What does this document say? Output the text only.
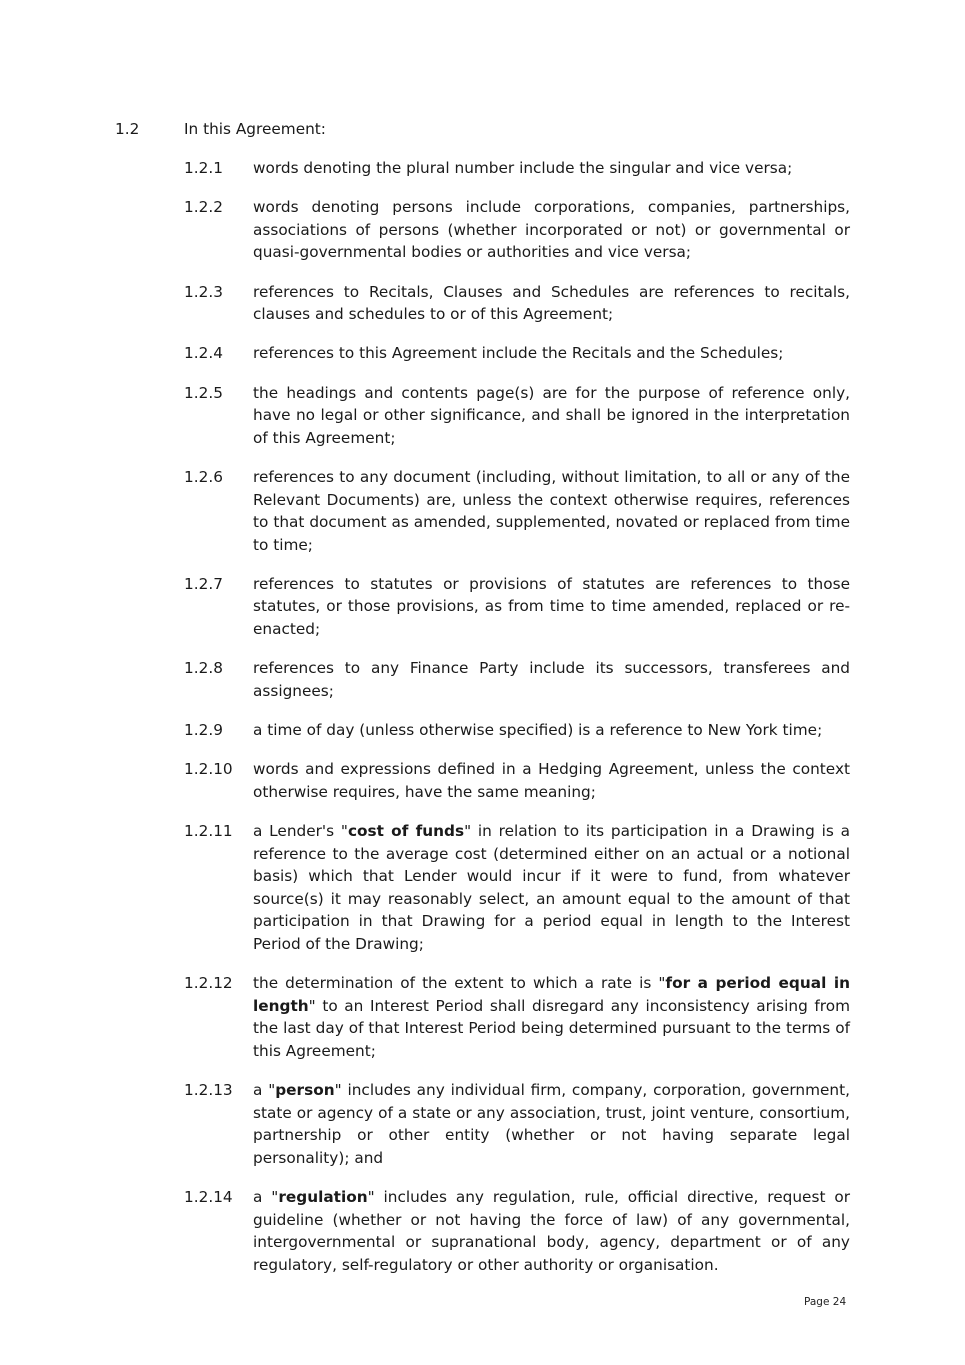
1.2	In this Agreement:
1.2.1	words denoting the plural number include the singular and vice versa;
1.2.2	words denoting persons include corporations, companies, partnerships, associations of persons (whether incorporated or not) or governmental or quasi-governmental bodies or authorities and vice versa;
1.2.3	references to Recitals, Clauses and Schedules are references to recitals, clauses and schedules to or of this Agreement;
1.2.4	references to this Agreement include the Recitals and the Schedules;
1.2.5	the headings and contents page(s) are for the purpose of reference only, have no legal or other significance, and shall be ignored in the interpretation of this Agreement;
1.2.6	references to any document (including, without limitation, to all or any of the Relevant Documents) are, unless the context otherwise requires, references to that document as amended, supplemented, novated or replaced from time to time;
1.2.7	references to statutes or provisions of statutes are references to those statutes, or those provisions, as from time to time amended, replaced or re-enacted;
1.2.8	references to any Finance Party include its successors, transferees and assignees;
1.2.9	a time of day (unless otherwise specified) is a reference to New York time;
1.2.10	words and expressions defined in a Hedging Agreement, unless the context otherwise requires, have the same meaning;
1.2.11	a Lender's "cost of funds" in relation to its participation in a Drawing is a reference to the average cost (determined either on an actual or a notional basis) which that Lender would incur if it were to fund, from whatever source(s) it may reasonably select, an amount equal to the amount of that participation in that Drawing for a period equal in length to the Interest Period of the Drawing;
1.2.12	the determination of the extent to which a rate is "for a period equal in length" to an Interest Period shall disregard any inconsistency arising from the last day of that Interest Period being determined pursuant to the terms of this Agreement;
1.2.13	a "person" includes any individual firm, company, corporation, government, state or agency of a state or any association, trust, joint venture, consortium, partnership or other entity (whether or not having separate legal personality); and
1.2.14	a "regulation" includes any regulation, rule, official directive, request or guideline (whether or not having the force of law) of any governmental, intergovernmental or supranational body, agency, department or of any regulatory, self-regulatory or other authority or organisation.
Page 24
